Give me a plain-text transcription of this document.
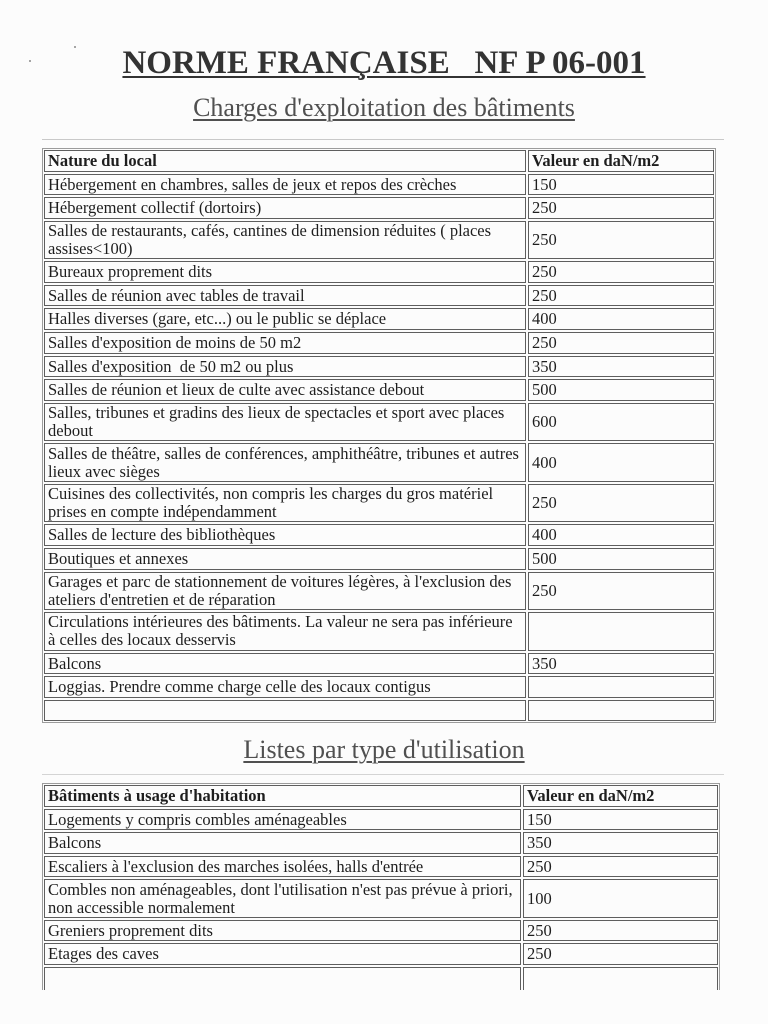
NORME FRANÇAISE   NF P 06-001
Charges d'exploitation des bâtiments
Nature du local	Valeur en daN/m2
Hébergement en chambres, salles de jeux et repos des crèches	150
Hébergement collectif (dortoirs)	250
Salles de restaurants, cafés, cantines de dimension réduites ( places
assises<100)	250
Bureaux proprement dits	250
Salles de réunion avec tables de travail	250
Halles diverses (gare, etc...) ou le public se déplace	400
Salles d'exposition de moins de 50 m2	250
Salles d'exposition  de 50 m2 ou plus	350
Salles de réunion et lieux de culte avec assistance debout	500
Salles, tribunes et gradins des lieux de spectacles et sport avec places
debout	600
Salles de théâtre, salles de conférences, amphithéâtre, tribunes et autres
lieux avec sièges	400
Cuisines des collectivités, non compris les charges du gros matériel
prises en compte indépendamment	250
Salles de lecture des bibliothèques	400
Boutiques et annexes	500
Garages et parc de stationnement de voitures légères, à l'exclusion des
ateliers d'entretien et de réparation	250
Circulations intérieures des bâtiments. La valeur ne sera pas inférieure
à celles des locaux desservis
Balcons	350
Loggias. Prendre comme charge celle des locaux contigus
Listes par type d'utilisation
Bâtiments à usage d'habitation	Valeur en daN/m2
Logements y compris combles aménageables	150
Balcons	350
Escaliers à l'exclusion des marches isolées, halls d'entrée	250
Combles non aménageables, dont l'utilisation n'est pas prévue à priori,
non accessible normalement	100
Greniers proprement dits	250
Etages des caves	250
